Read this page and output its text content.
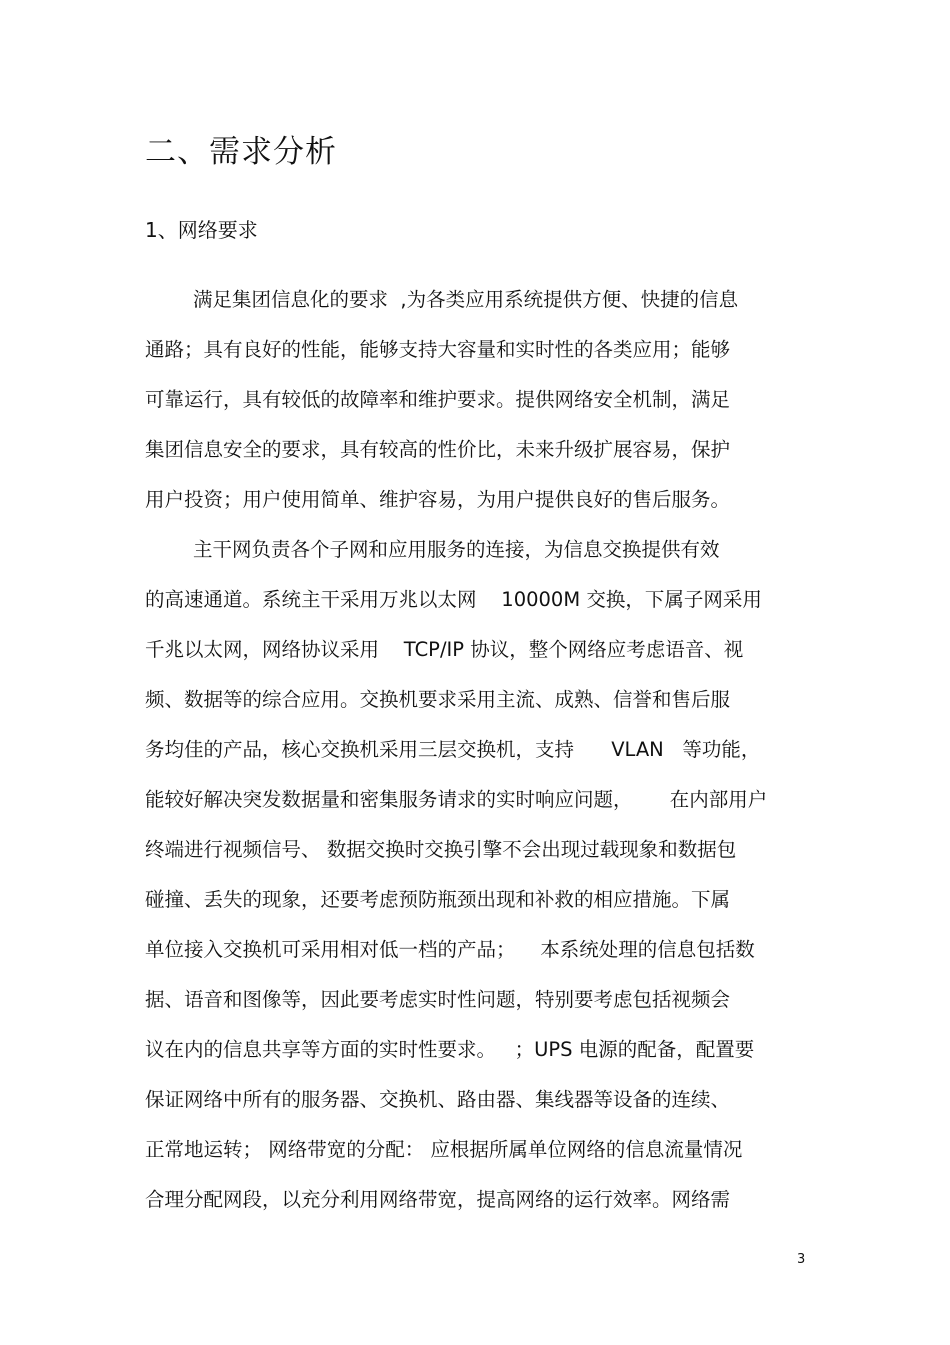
二、需求分析
1、网络要求

满足集团信息化的要求  ,为各类应用系统提供方便、快捷的信息

通路；具有良好的性能，能够支持大容量和实时性的各类应用；能够

可靠运行，具有较低的故障率和维护要求。提供网络安全机制，满足

集团信息安全的要求，具有较高的性价比，未来升级扩展容易，保护

用户投资；用户使用简单、维护容易，为用户提供良好的售后服务。

主干网负责各个子网和应用服务的连接，为信息交换提供有效

的高速通道。系统主干采用万兆以太网    10000M 交换，下属子网采用

千兆以太网，网络协议采用    TCP/IP 协议，整个网络应考虑语音、视

频、数据等的综合应用。交换机要求采用主流、成熟、信誉和售后服

务均佳的产品，核心交换机采用三层交换机，支持      VLAN   等功能，

能较好解决突发数据量和密集服务请求的实时响应问题，      在内部用户

终端进行视频信号、 数据交换时交换引擎不会出现过载现象和数据包

碰撞、丢失的现象，还要考虑预防瓶颈出现和补救的相应措施。下属

单位接入交换机可采用相对低一档的产品；    本系统处理的信息包括数

据、语音和图像等，因此要考虑实时性问题，特别要考虑包括视频会

议在内的信息共享等方面的实时性要求。   ；UPS 电源的配备，配置要

保证网络中所有的服务器、交换机、路由器、集线器等设备的连续、

正常地运转； 网络带宽的分配： 应根据所属单位网络的信息流量情况

合理分配网段，以充分利用网络带宽，提高网络的运行效率。网络需

3
